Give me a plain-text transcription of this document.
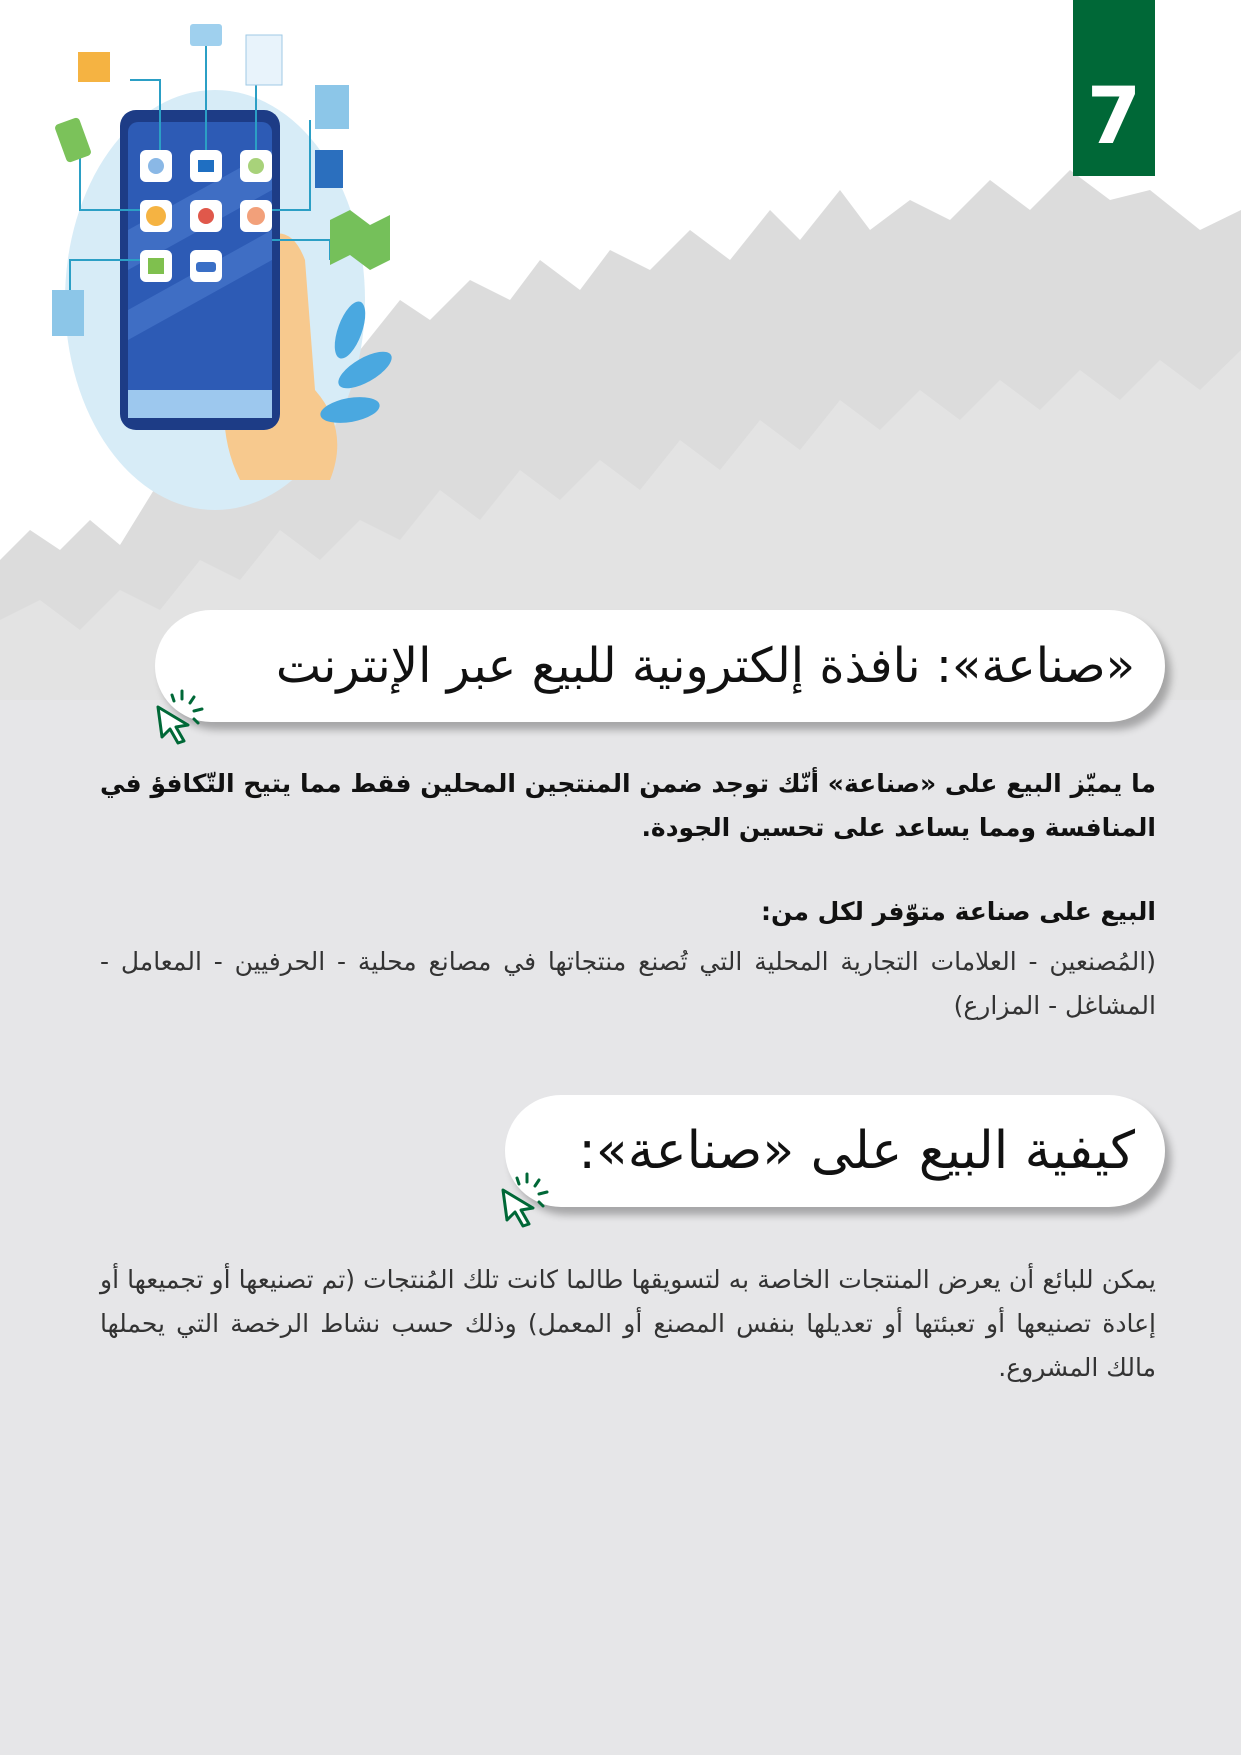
7
«صناعة»: نافذة إلكترونية للبيع عبر الإنترنت

ما يميّز البيع على «صناعة» أنّك توجد ضمن المنتجين المحلين فقط مما يتيح التّكافؤ في المنافسة ومما يساعد على تحسين الجودة.

البيع على صناعة متوّفر لكل من:

(المُصنعين - العلامات التجارية المحلية التي تُصنع منتجاتها في مصانع محلية - الحرفيين - المعامل - المشاغل - المزارع)

كيفية البيع على «صناعة»:

يمكن للبائع أن يعرض المنتجات الخاصة به لتسويقها طالما كانت تلك المُنتجات (تم تصنيعها أو تجميعها أو إعادة تصنيعها أو تعبئتها أو تعديلها بنفس المصنع أو المعمل) وذلك حسب نشاط الرخصة التي يحملها مالك المشروع.
